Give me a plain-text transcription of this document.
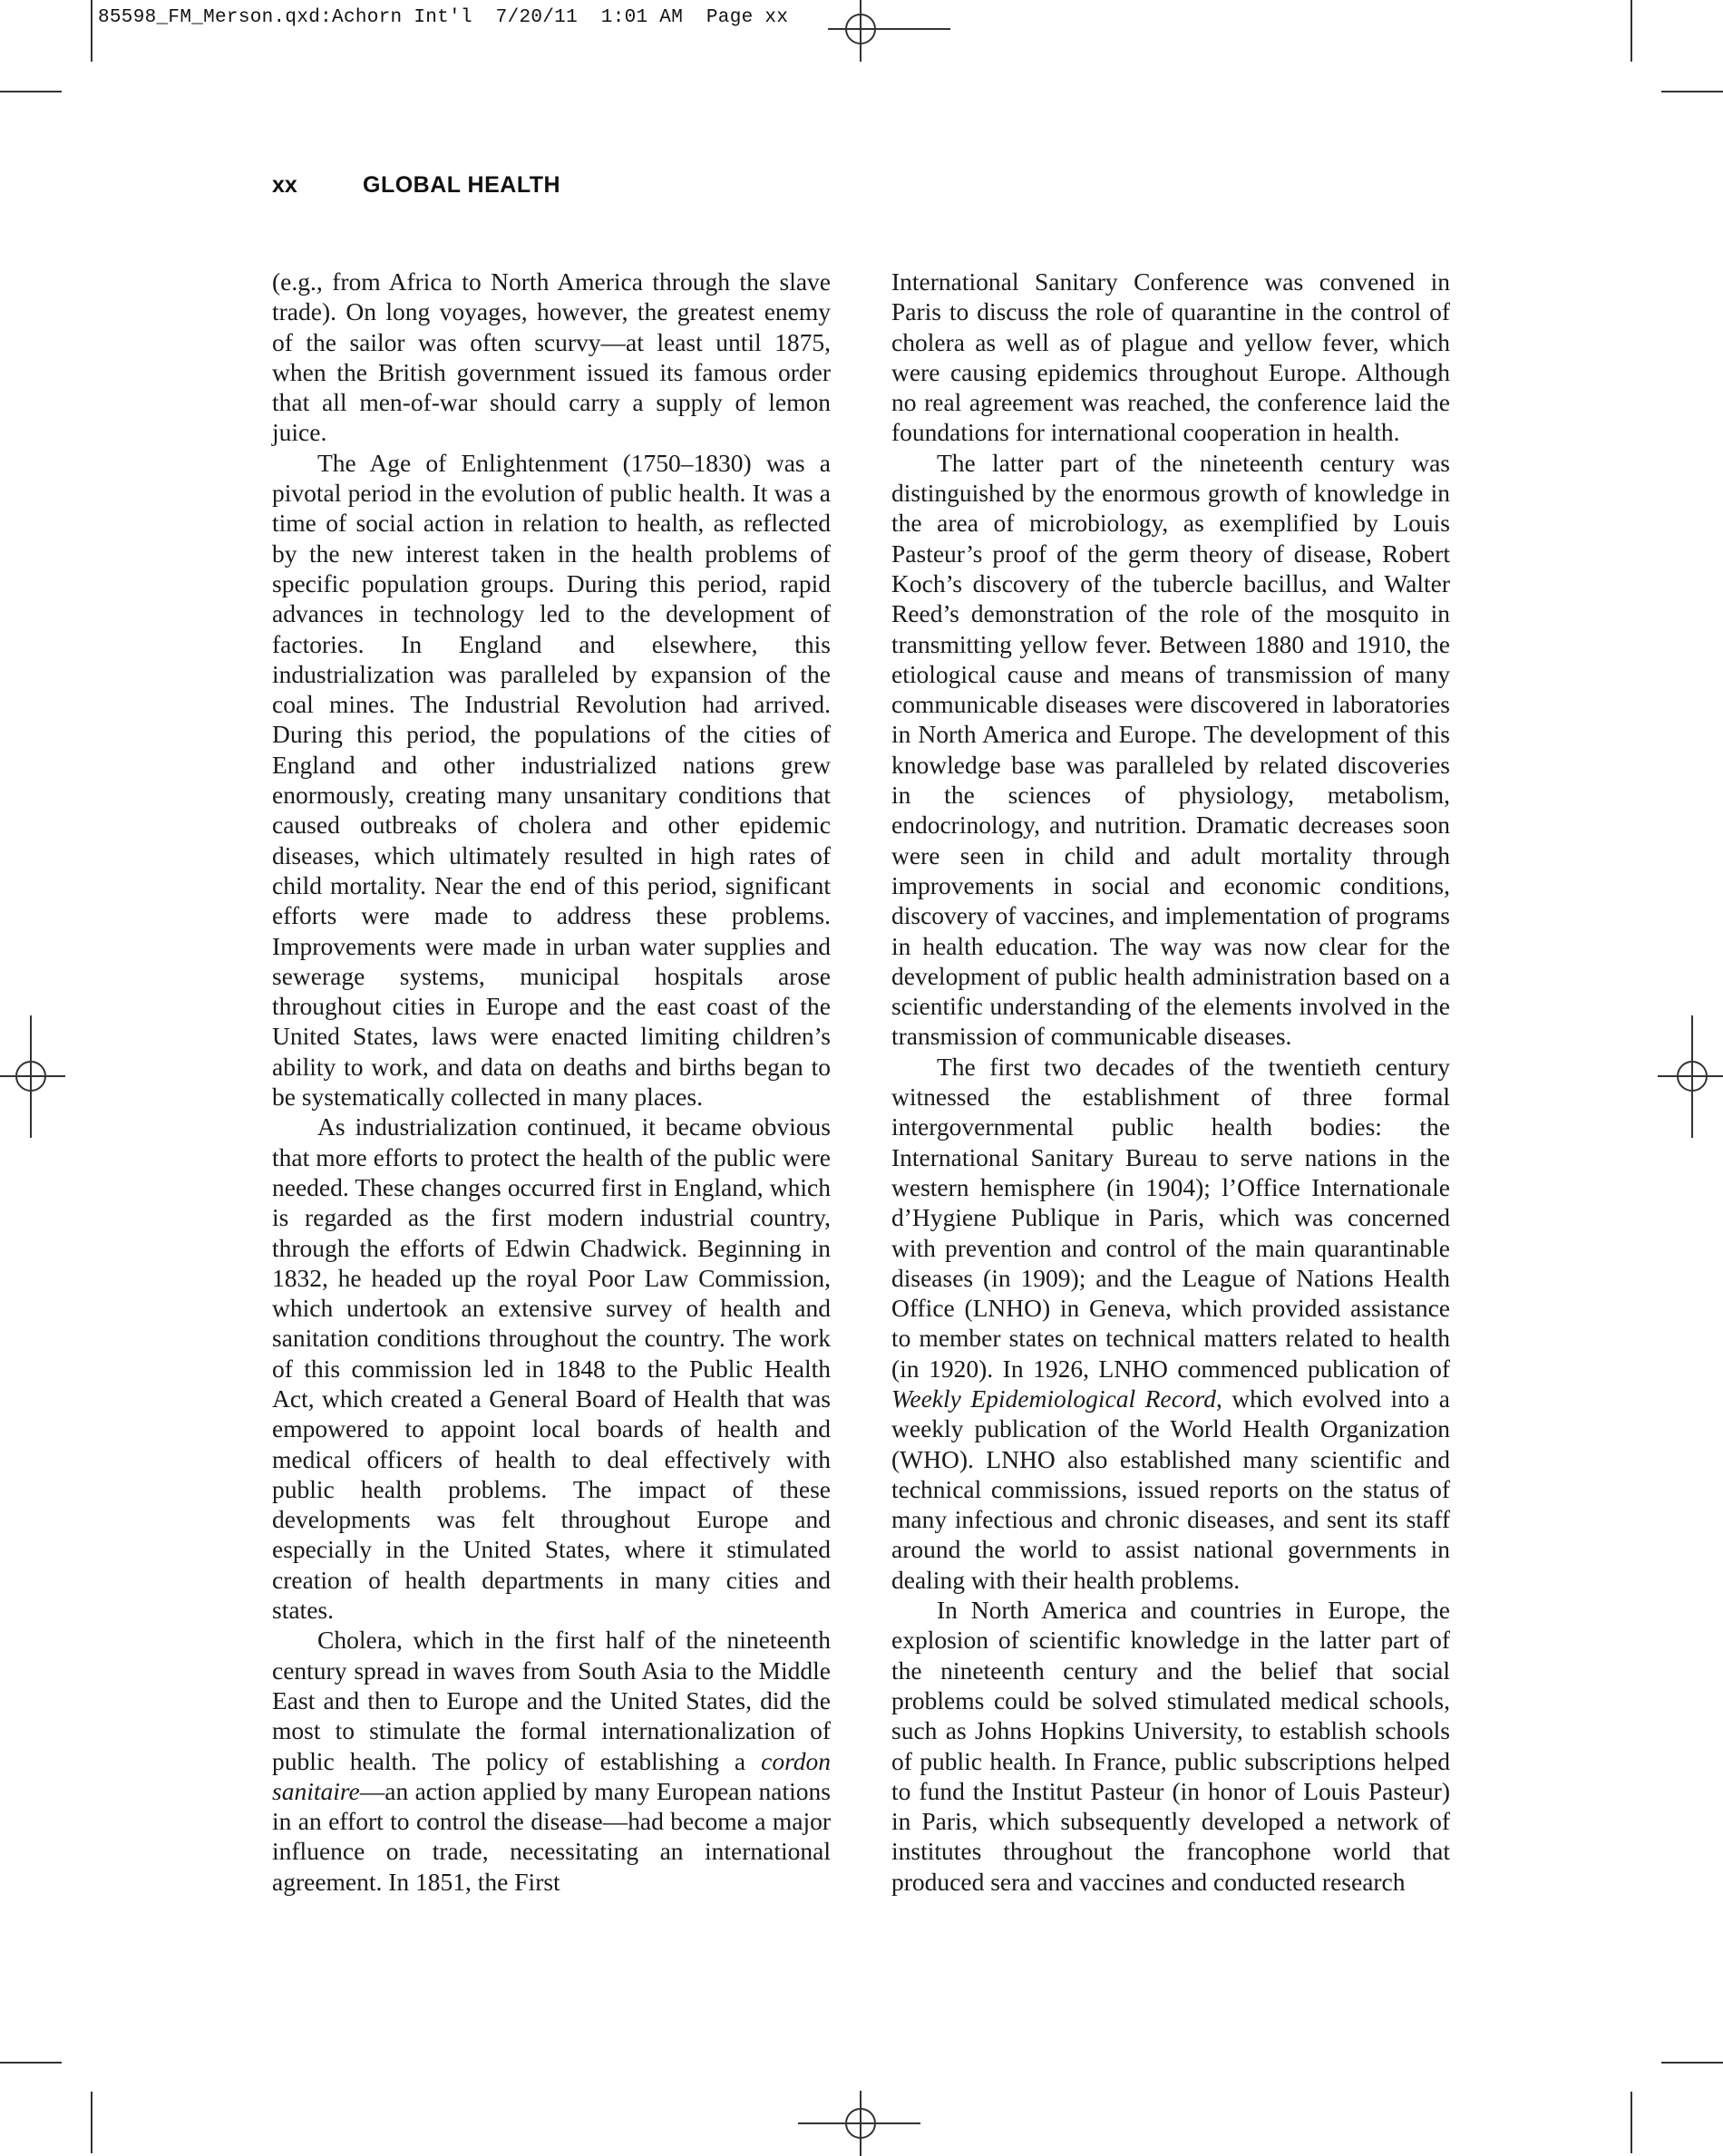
85598_FM_Merson.qxd:Achorn Int'l  7/20/11  1:01 AM  Page xx
xx	GLOBAL HEALTH

(e.g., from Africa to North America through the slave trade). On long voyages, however, the greatest enemy of the sailor was often scurvy—at least until 1875, when the British government issued its famous order that all men-of-war should carry a supply of lemon juice.

The Age of Enlightenment (1750–1830) was a pivotal period in the evolution of public health. It was a time of social action in relation to health, as reflected by the new interest taken in the health problems of specific population groups. During this period, rapid advances in technology led to the development of factories. In England and elsewhere, this industrialization was paralleled by expansion of the coal mines. The Industrial Revolution had arrived. During this period, the populations of the cities of England and other industrialized nations grew enormously, creating many unsanitary conditions that caused outbreaks of cholera and other epidemic diseases, which ultimately resulted in high rates of child mortality. Near the end of this period, significant efforts were made to address these problems. Improvements were made in urban water supplies and sewerage systems, municipal hospitals arose throughout cities in Europe and the east coast of the United States, laws were enacted limiting children’s ability to work, and data on deaths and births began to be systematically collected in many places.

As industrialization continued, it became obvious that more efforts to protect the health of the public were needed. These changes occurred first in England, which is regarded as the first modern industrial country, through the efforts of Edwin Chadwick. Beginning in 1832, he headed up the royal Poor Law Commission, which undertook an extensive survey of health and sanitation conditions throughout the country. The work of this commission led in 1848 to the Public Health Act, which created a General Board of Health that was empowered to appoint local boards of health and medical officers of health to deal effectively with public health problems. The impact of these developments was felt throughout Europe and especially in the United States, where it stimulated creation of health departments in many cities and states.

Cholera, which in the first half of the nineteenth century spread in waves from South Asia to the Middle East and then to Europe and the United States, did the most to stimulate the formal internationalization of public health. The policy of establishing a cordon sanitaire—an action applied by many European nations in an effort to control the disease—had become a major influence on trade, necessitating an international agreement. In 1851, the First

International Sanitary Conference was convened in Paris to discuss the role of quarantine in the control of cholera as well as of plague and yellow fever, which were causing epidemics throughout Europe. Although no real agreement was reached, the conference laid the foundations for international cooperation in health.

The latter part of the nineteenth century was distinguished by the enormous growth of knowledge in the area of microbiology, as exemplified by Louis Pasteur’s proof of the germ theory of disease, Robert Koch’s discovery of the tubercle bacillus, and Walter Reed’s demonstration of the role of the mosquito in transmitting yellow fever. Between 1880 and 1910, the etiological cause and means of transmission of many communicable diseases were discovered in laboratories in North America and Europe. The development of this knowledge base was paralleled by related discoveries in the sciences of physiology, metabolism, endocrinology, and nutrition. Dramatic decreases soon were seen in child and adult mortality through improvements in social and economic conditions, discovery of vaccines, and implementation of programs in health education. The way was now clear for the development of public health administration based on a scientific understanding of the elements involved in the transmission of communicable diseases.

The first two decades of the twentieth century witnessed the establishment of three formal intergovernmental public health bodies: the International Sanitary Bureau to serve nations in the western hemisphere (in 1904); l’Office Internationale d’Hygiene Publique in Paris, which was concerned with prevention and control of the main quarantinable diseases (in 1909); and the League of Nations Health Office (LNHO) in Geneva, which provided assistance to member states on technical matters related to health (in 1920). In 1926, LNHO commenced publication of Weekly Epidemiological Record, which evolved into a weekly publication of the World Health Organization (WHO). LNHO also established many scientific and technical commissions, issued reports on the status of many infectious and chronic diseases, and sent its staff around the world to assist national governments in dealing with their health problems.

In North America and countries in Europe, the explosion of scientific knowledge in the latter part of the nineteenth century and the belief that social problems could be solved stimulated medical schools, such as Johns Hopkins University, to establish schools of public health. In France, public subscriptions helped to fund the Institut Pasteur (in honor of Louis Pasteur) in Paris, which subsequently developed a network of institutes throughout the francophone world that produced sera and vaccines and conducted research
